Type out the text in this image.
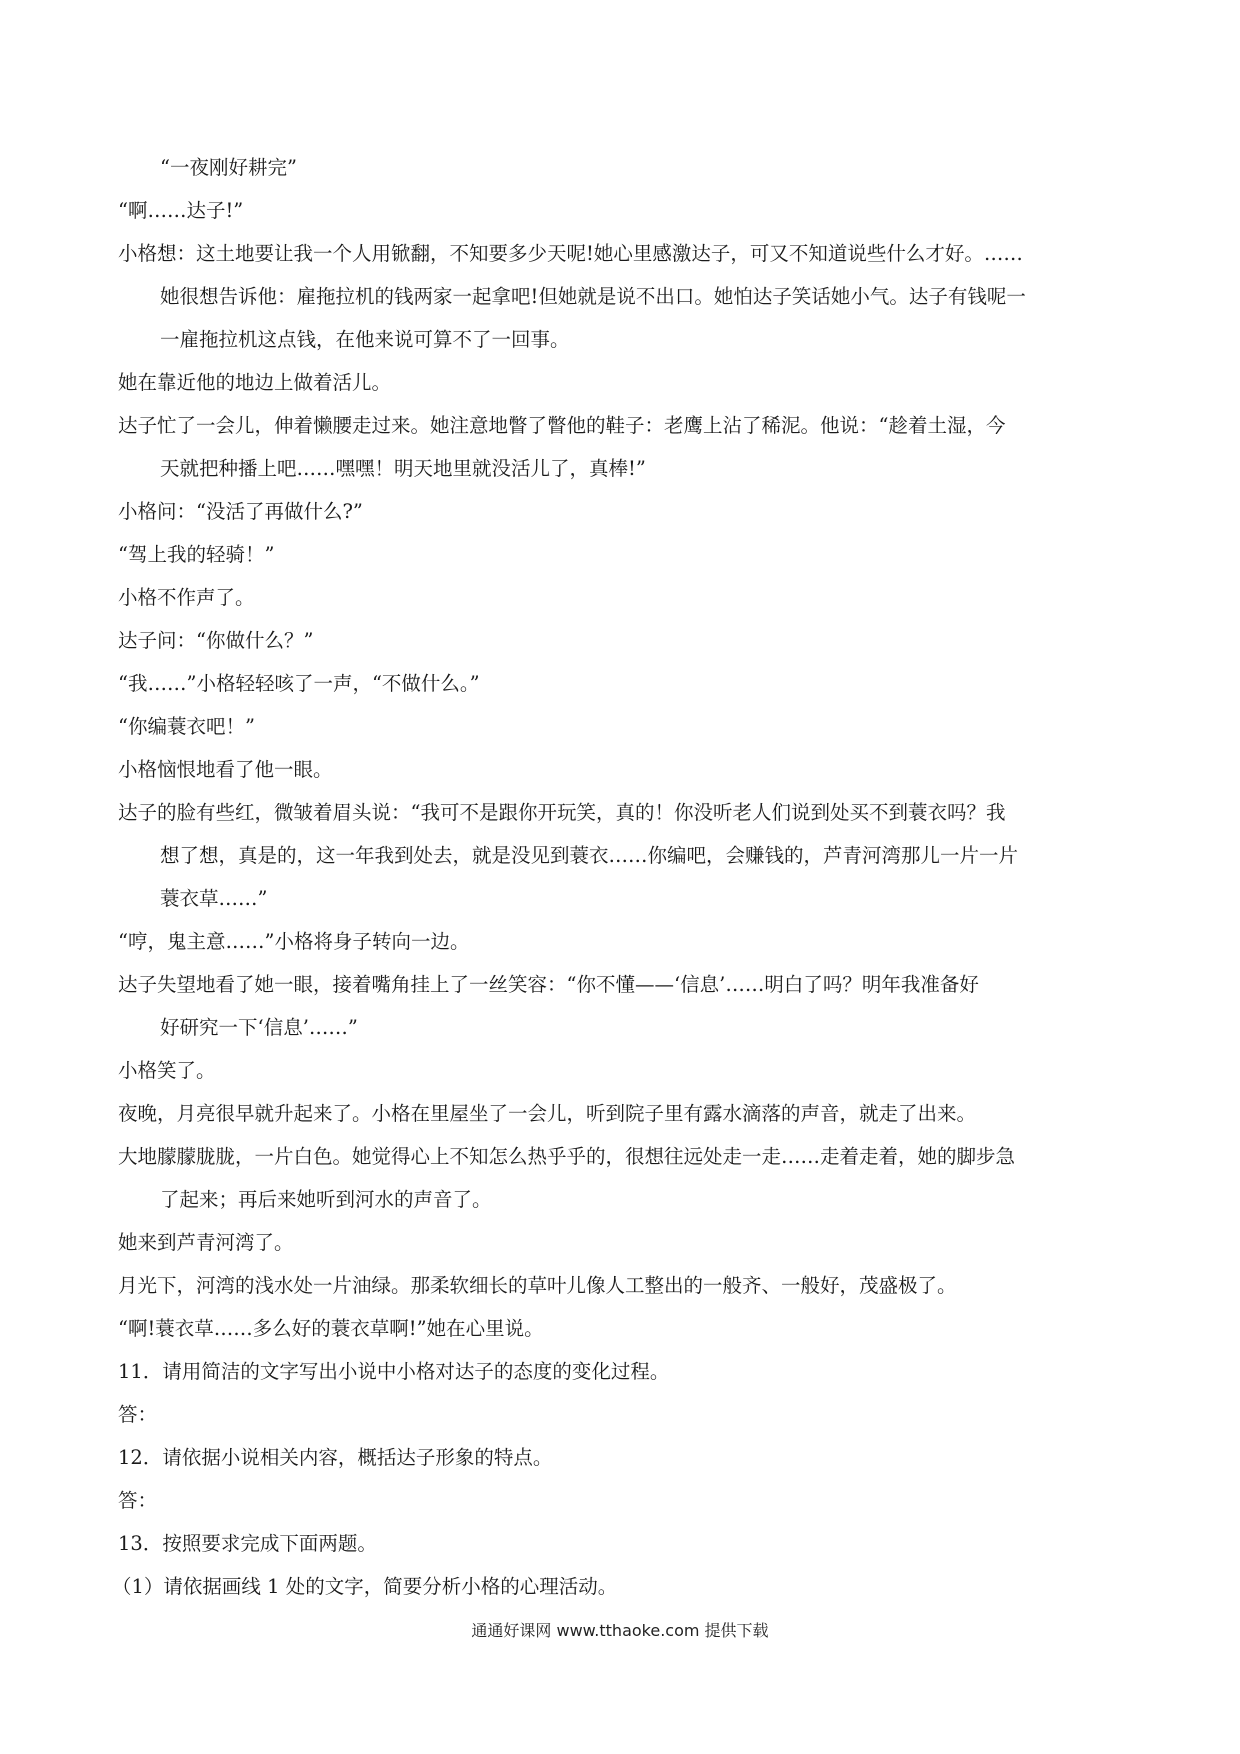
“一夜刚好耕完”
“啊……达子!”
小格想：这土地要让我一个人用锨翻，不知要多少天呢!她心里感激达子，可又不知道说些什么才好。……
她很想告诉他：雇拖拉机的钱两家一起拿吧!但她就是说不出口。她怕达子笑话她小气。达子有钱呢一
一雇拖拉机这点钱，在他来说可算不了一回事。
她在靠近他的地边上做着活儿。
达子忙了一会儿，伸着懒腰走过来。她注意地瞥了瞥他的鞋子：老鹰上沾了稀泥。他说：“趁着土湿，今
天就把种播上吧……嘿嘿！明天地里就没活儿了，真棒!”
小格问：“没活了再做什么?”
“驾上我的轻骑！”
小格不作声了。
达子问：“你做什么？”
“我……”小格轻轻咳了一声，“不做什么。”
“你编蓑衣吧！”
小格恼恨地看了他一眼。
达子的脸有些红，微皱着眉头说：“我可不是跟你开玩笑，真的！你没听老人们说到处买不到蓑衣吗？我
想了想，真是的，这一年我到处去，就是没见到蓑衣……你编吧，会赚钱的，芦青河湾那儿一片一片
蓑衣草……”
“哼，鬼主意……”小格将身子转向一边。
达子失望地看了她一眼，接着嘴角挂上了一丝笑容：“你不懂——‘信息’……明白了吗？明年我准备好
好研究一下‘信息’……”
小格笑了。
夜晚，月亮很早就升起来了。小格在里屋坐了一会儿，听到院子里有露水滴落的声音，就走了出来。
大地朦朦胧胧，一片白色。她觉得心上不知怎么热乎乎的，很想往远处走一走……走着走着，她的脚步急
了起来；再后来她听到河水的声音了。
她来到芦青河湾了。
月光下，河湾的浅水处一片油绿。那柔软细长的草叶儿像人工整出的一般齐、一般好，茂盛极了。
“啊!蓑衣草……多么好的蓑衣草啊!”她在心里说。
11．请用简洁的文字写出小说中小格对达子的态度的变化过程。
答：
12．请依据小说相关内容，概括达子形象的特点。
答：
13．按照要求完成下面两题。
（1）请依据画线 1 处的文字，简要分析小格的心理活动。
通通好课网 www.tthaoke.com 提供下载
